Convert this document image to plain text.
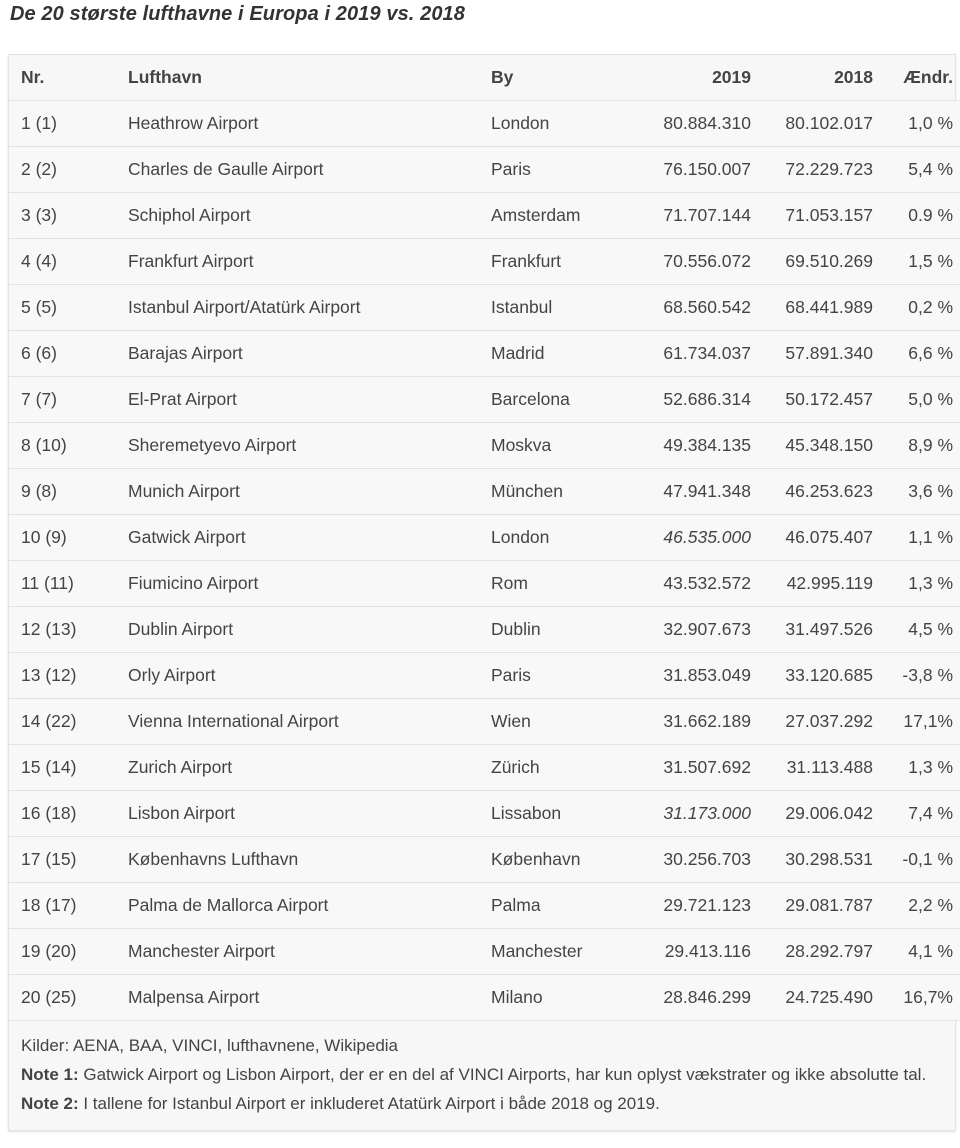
De 20 største lufthavne i Europa i 2019 vs. 2018
Nr.	Lufthavn	By	2019	2018	Ændr.
1 (1)	Heathrow Airport	London	80.884.310	80.102.017	1,0 %
2 (2)	Charles de Gaulle Airport	Paris	76.150.007	72.229.723	5,4 %
3 (3)	Schiphol Airport	Amsterdam	71.707.144	71.053.157	0.9 %
4 (4)	Frankfurt Airport	Frankfurt	70.556.072	69.510.269	1,5 %
5 (5)	Istanbul Airport/Atatürk Airport	Istanbul	68.560.542	68.441.989	0,2 %
6 (6)	Barajas Airport	Madrid	61.734.037	57.891.340	6,6 %
7 (7)	El-Prat Airport	Barcelona	52.686.314	50.172.457	5,0 %
8 (10)	Sheremetyevo Airport	Moskva	49.384.135	45.348.150	8,9 %
9 (8)	Munich Airport	München	47.941.348	46.253.623	3,6 %
10 (9)	Gatwick Airport	London	46.535.000	46.075.407	1,1 %
11 (11)	Fiumicino Airport	Rom	43.532.572	42.995.119	1,3 %
12 (13)	Dublin Airport	Dublin	32.907.673	31.497.526	4,5 %
13 (12)	Orly Airport	Paris	31.853.049	33.120.685	-3,8 %
14 (22)	Vienna International Airport	Wien	31.662.189	27.037.292	17,1%
15 (14)	Zurich Airport	Zürich	31.507.692	31.113.488	1,3 %
16 (18)	Lisbon Airport	Lissabon	31.173.000	29.006.042	7,4 %
17 (15)	Københavns Lufthavn	København	30.256.703	30.298.531	-0,1 %
18 (17)	Palma de Mallorca Airport	Palma	29.721.123	29.081.787	2,2 %
19 (20)	Manchester Airport	Manchester	29.413.116	28.292.797	4,1 %
20 (25)	Malpensa Airport	Milano	28.846.299	24.725.490	16,7%
Kilder: AENA, BAA, VINCI, lufthavnene, Wikipedia
Note 1: Gatwick Airport og Lisbon Airport, der er en del af VINCI Airports, har kun oplyst vækstrater og ikke absolutte tal.
Note 2: I tallene for Istanbul Airport er inkluderet Atatürk Airport i både 2018 og 2019.
